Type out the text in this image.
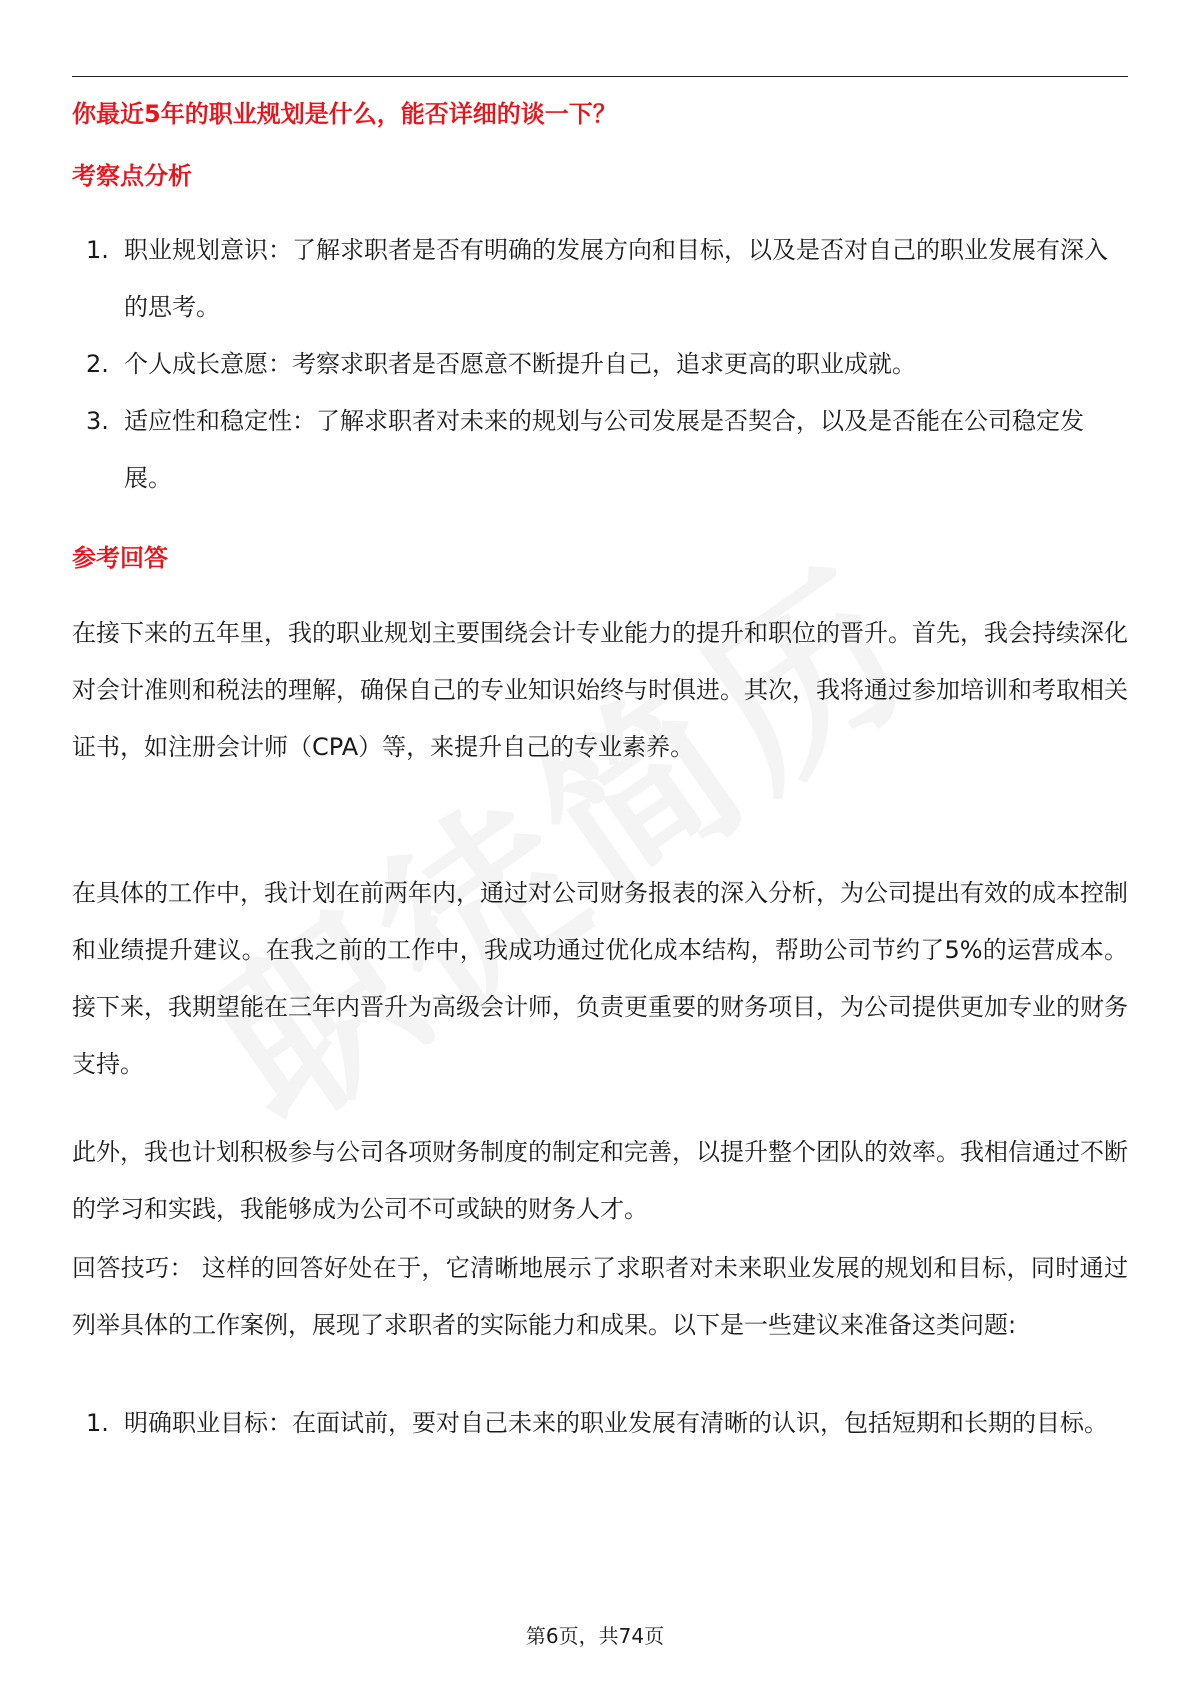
你最近5年的职业规划是什么，能否详细的谈一下？
考察点分析
1. 职业规划意识：了解求职者是否有明确的发展方向和目标，以及是否对自己的职业发展有深入的思考。
2. 个人成长意愿：考察求职者是否愿意不断提升自己，追求更高的职业成就。
3. 适应性和稳定性：了解求职者对未来的规划与公司发展是否契合，以及是否能在公司稳定发展。
参考回答

在接下来的五年里，我的职业规划主要围绕会计专业能力的提升和职位的晋升。首先，我会持续深化对会计准则和税法的理解，确保自己的专业知识始终与时俱进。其次，我将通过参加培训和考取相关证书，如注册会计师（CPA）等，来提升自己的专业素养。

在具体的工作中，我计划在前两年内，通过对公司财务报表的深入分析，为公司提出有效的成本控制和业绩提升建议。在我之前的工作中，我成功通过优化成本结构，帮助公司节约了5%的运营成本。接下来，我期望能在三年内晋升为高级会计师，负责更重要的财务项目，为公司提供更加专业的财务支持。

此外，我也计划积极参与公司各项财务制度的制定和完善，以提升整个团队的效率。我相信通过不断的学习和实践，我能够成为公司不可或缺的财务人才。

回答技巧： 这样的回答好处在于，它清晰地展示了求职者对未来职业发展的规划和目标，同时通过列举具体的工作案例，展现了求职者的实际能力和成果。以下是一些建议来准备这类问题:

1. 明确职业目标：在面试前，要对自己未来的职业发展有清晰的认识，包括短期和长期的目标。
第6页，共74页
